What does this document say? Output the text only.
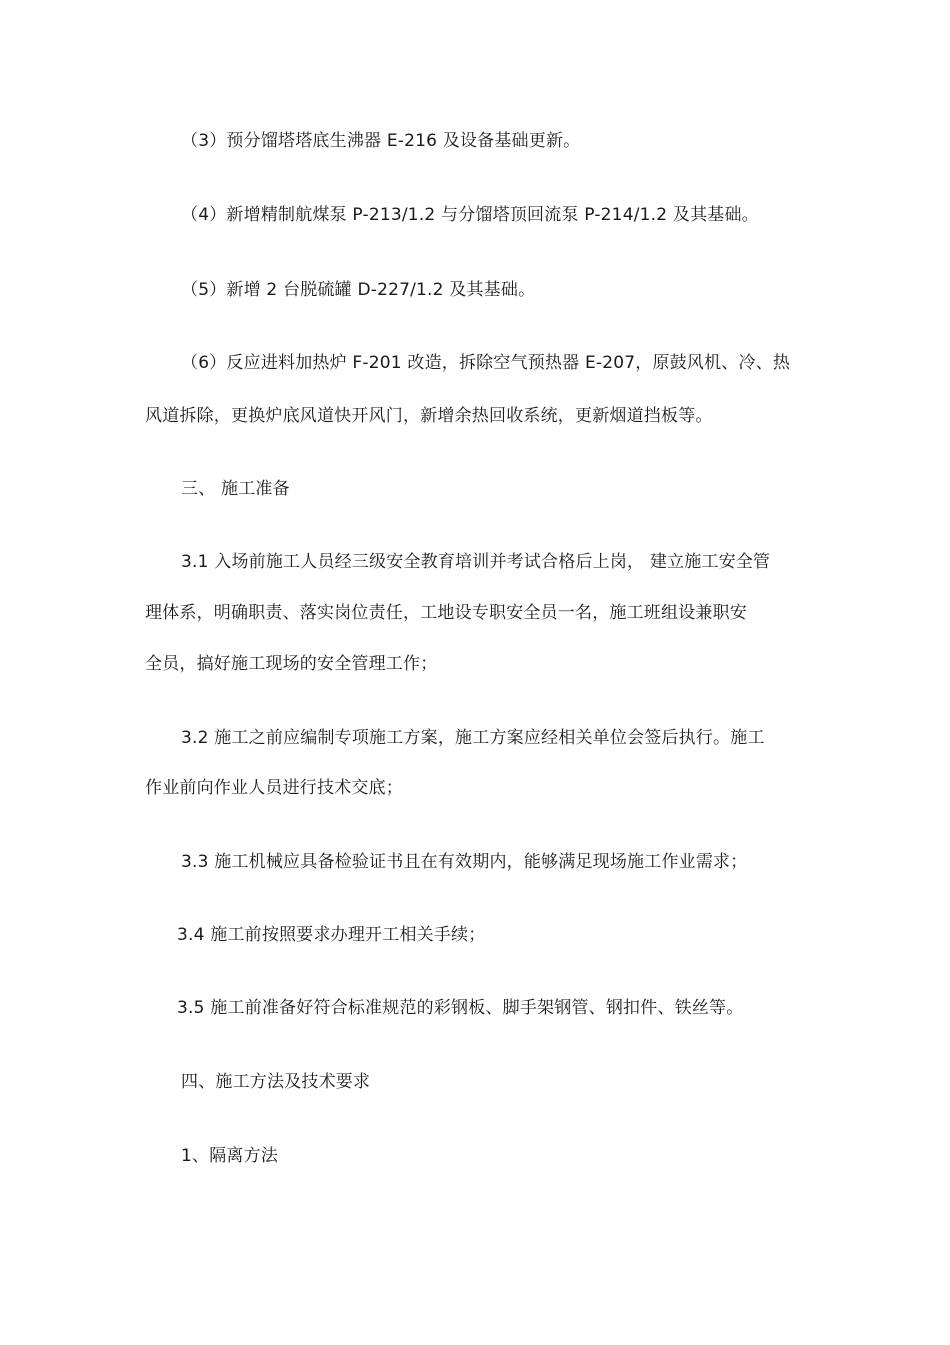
（3）预分馏塔塔底生沸器 E-216 及设备基础更新。
（4）新增精制航煤泵 P-213/1.2 与分馏塔顶回流泵 P-214/1.2 及其基础。
（5）新增 2 台脱硫罐 D-227/1.2 及其基础。
（6）反应进料加热炉 F-201 改造，拆除空气预热器 E-207，原鼓风机、冷、热
风道拆除，更换炉底风道快开风门，新增余热回收系统，更新烟道挡板等。
三、 施工准备
3.1 入场前施工人员经三级安全教育培训并考试合格后上岗， 建立施工安全管
理体系，明确职责、落实岗位责任，工地设专职安全员一名，施工班组设兼职安
全员，搞好施工现场的安全管理工作；
3.2 施工之前应编制专项施工方案，施工方案应经相关单位会签后执行。施工
作业前向作业人员进行技术交底；
3.3 施工机械应具备检验证书且在有效期内，能够满足现场施工作业需求；
3.4 施工前按照要求办理开工相关手续；
3.5 施工前准备好符合标准规范的彩钢板、脚手架钢管、钢扣件、铁丝等。
四、施工方法及技术要求
1、隔离方法
